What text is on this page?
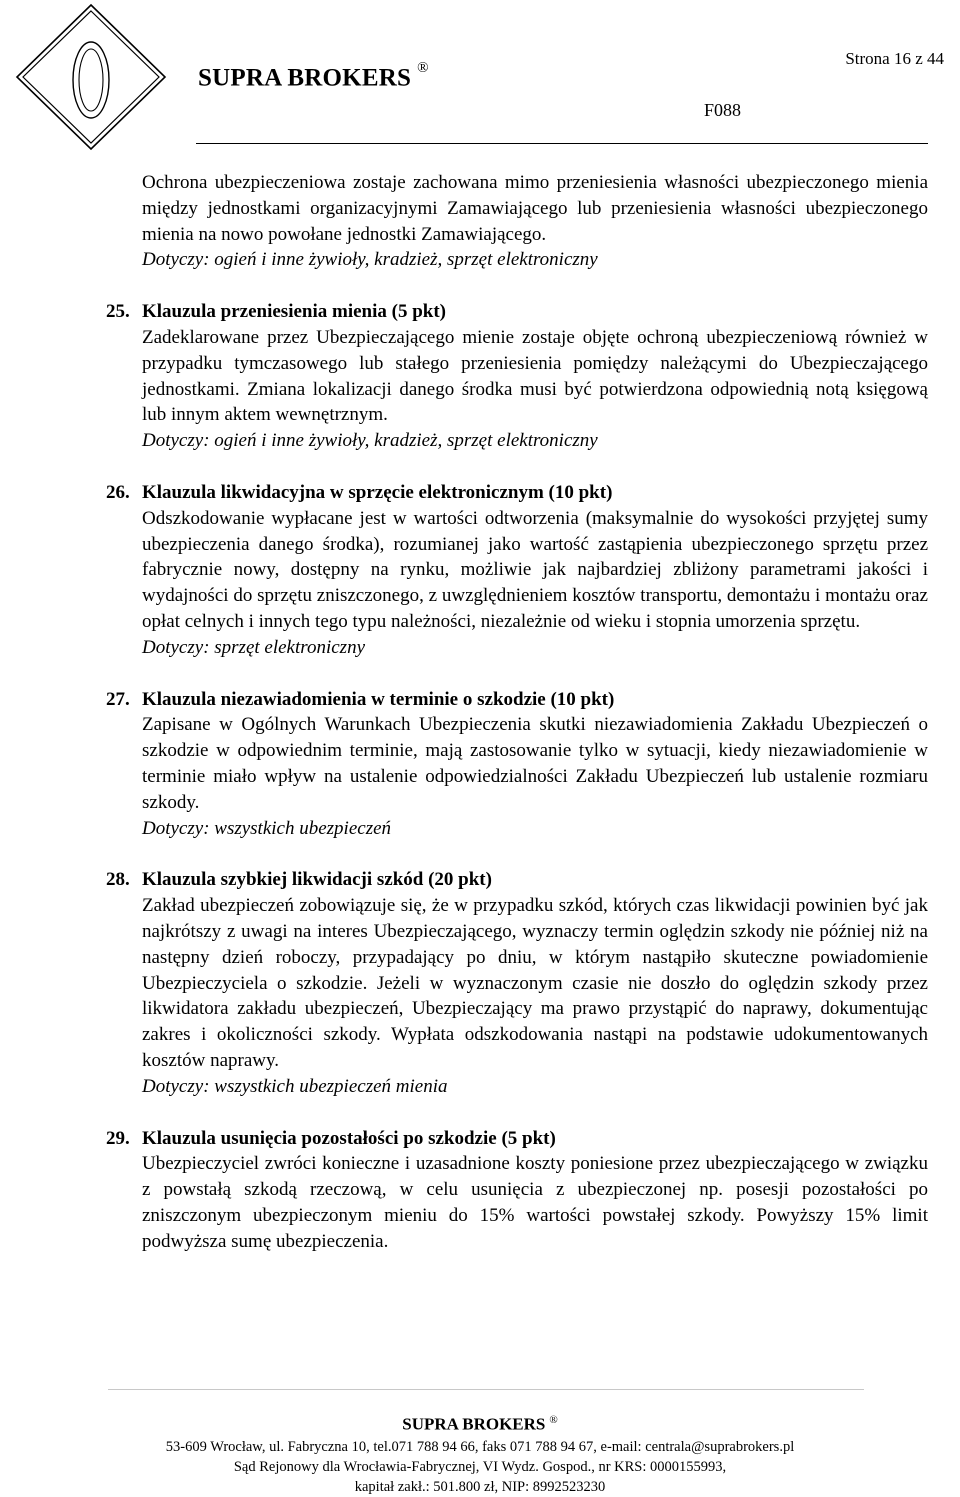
SUPRA BROKERS ®	Strona 16 z 44
F088

Ochrona ubezpieczeniowa zostaje zachowana mimo przeniesienia własności ubezpieczonego mienia między jednostkami organizacyjnymi Zamawiającego lub przeniesienia własności ubezpieczonego mienia na nowo powołane jednostki Zamawiającego.

Dotyczy: ogień i inne żywioły, kradzież, sprzęt elektroniczny

25. Klauzula przeniesienia mienia (5 pkt)

Zadeklarowane przez Ubezpieczającego mienie zostaje objęte ochroną ubezpieczeniową również w przypadku tymczasowego lub stałego przeniesienia pomiędzy należącymi do Ubezpieczającego jednostkami. Zmiana lokalizacji danego środka musi być potwierdzona odpowiednią notą księgową lub innym aktem wewnętrznym.

Dotyczy: ogień i inne żywioły, kradzież, sprzęt elektroniczny

26. Klauzula likwidacyjna w sprzęcie elektronicznym (10 pkt)

Odszkodowanie wypłacane jest w wartości odtworzenia (maksymalnie do wysokości przyjętej sumy ubezpieczenia danego środka), rozumianej jako wartość zastąpienia ubezpieczonego sprzętu przez fabrycznie nowy, dostępny na rynku, możliwie jak najbardziej zbliżony parametrami jakości i wydajności do sprzętu zniszczonego, z uwzględnieniem kosztów transportu, demontażu i montażu oraz opłat celnych i innych tego typu należności, niezależnie od wieku i stopnia umorzenia sprzętu.

Dotyczy: sprzęt elektroniczny

27. Klauzula niezawiadomienia w terminie o szkodzie (10 pkt)

Zapisane w Ogólnych Warunkach Ubezpieczenia skutki niezawiadomienia Zakładu Ubezpieczeń o szkodzie w odpowiednim terminie, mają zastosowanie tylko w sytuacji, kiedy niezawiadomienie w terminie miało wpływ na ustalenie odpowiedzialności Zakładu Ubezpieczeń lub ustalenie rozmiaru szkody.

Dotyczy: wszystkich ubezpieczeń

28. Klauzula szybkiej likwidacji szkód (20 pkt)

Zakład ubezpieczeń zobowiązuje się, że w przypadku szkód, których czas likwidacji powinien być jak najkrótszy z uwagi na interes Ubezpieczającego, wyznaczy termin oględzin szkody nie później niż na następny dzień roboczy, przypadający po dniu, w którym nastąpiło skuteczne powiadomienie Ubezpieczyciela o szkodzie. Jeżeli w wyznaczonym czasie nie doszło do oględzin szkody przez likwidatora zakładu ubezpieczeń, Ubezpieczający ma prawo przystąpić do naprawy, dokumentując zakres i okoliczności szkody. Wypłata odszkodowania nastąpi na podstawie udokumentowanych kosztów naprawy.

Dotyczy: wszystkich ubezpieczeń mienia

29. Klauzula usunięcia pozostałości po szkodzie (5 pkt)

Ubezpieczyciel zwróci konieczne i uzasadnione koszty poniesione przez ubezpieczającego w związku z powstałą szkodą rzeczową, w celu usunięcia z ubezpieczonej np. posesji pozostałości po zniszczonym ubezpieczonym mieniu do 15% wartości powstałej szkody. Powyższy 15% limit podwyższa sumę ubezpieczenia.

SUPRA BROKERS ®
53-609 Wrocław, ul. Fabryczna 10, tel.071 788 94 66, faks 071 788 94 67, e-mail: centrala@suprabrokers.pl
Sąd Rejonowy dla Wrocławia-Fabrycznej, VI Wydz. Gospod., nr KRS: 0000155993,
kapitał zakł.: 501.800 zł, NIP: 8992523230
